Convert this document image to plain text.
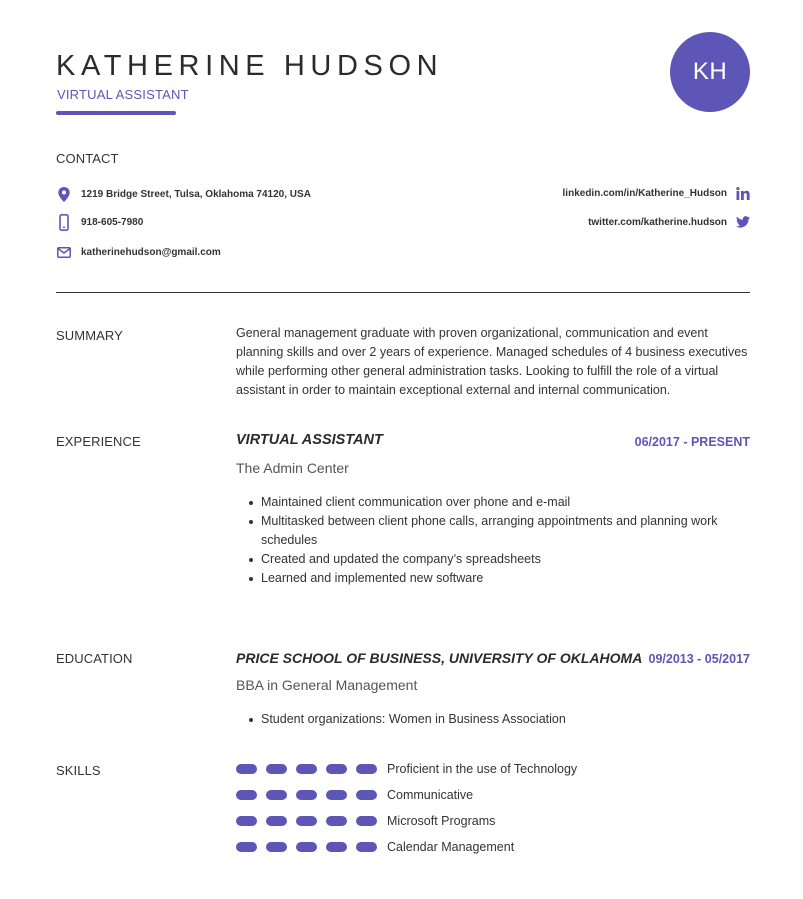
KATHERINE HUDSON
VIRTUAL ASSISTANT
KH
CONTACT
1219 Bridge Street, Tulsa, Oklahoma 74120, USA
918-605-7980
katherinehudson@gmail.com
linkedin.com/in/Katherine_Hudson
twitter.com/katherine.hudson
SUMMARY	General management graduate with proven organizational, communication and event planning skills and over 2 years of experience. Managed schedules of 4 business executives while performing other general administration tasks. Looking to fulfill the role of a virtual assistant in order to maintain exceptional external and internal communication.
EXPERIENCE	VIRTUAL ASSISTANT	06/2017 - PRESENT
The Admin Center
Maintained client communication over phone and e-mail
Multitasked between client phone calls, arranging appointments and planning work schedules
Created and updated the company’s spreadsheets
Learned and implemented new software
EDUCATION	PRICE SCHOOL OF BUSINESS, UNIVERSITY OF OKLAHOMA 09/2013 - 05/2017
BBA in General Management
Student organizations: Women in Business Association
SKILLS	Proficient in the use of Technology
Communicative
Microsoft Programs
Calendar Management
